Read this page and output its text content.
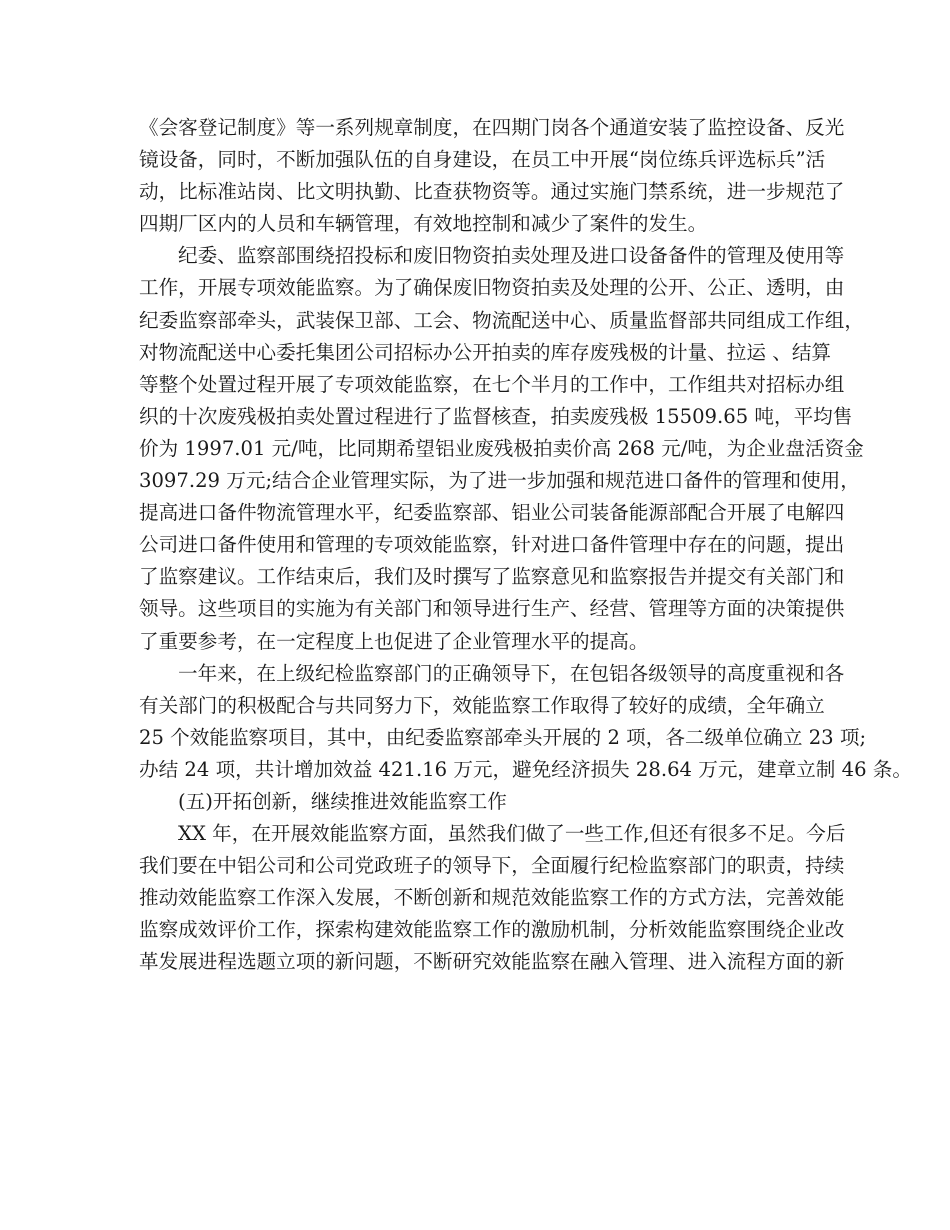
《会客登记制度》等一系列规章制度，在四期门岗各个通道安装了监控设备、反光
镜设备，同时，不断加强队伍的自身建设，在员工中开展“岗位练兵评选标兵”活
动，比标准站岗、比文明执勤、比查获物资等。通过实施门禁系统，进一步规范了
四期厂区内的人员和车辆管理，有效地控制和减少了案件的发生。
纪委、监察部围绕招投标和废旧物资拍卖处理及进口设备备件的管理及使用等
工作，开展专项效能监察。为了确保废旧物资拍卖及处理的公开、公正、透明，由
纪委监察部牵头，武装保卫部、工会、物流配送中心、质量监督部共同组成工作组，
对物流配送中心委托集团公司招标办公开拍卖的库存废残极的计量、拉运 、结算
等整个处置过程开展了专项效能监察，在七个半月的工作中，工作组共对招标办组
织的十次废残极拍卖处置过程进行了监督核查，拍卖废残极 15509.65 吨，平均售
价为 1997.01 元/吨，比同期希望铝业废残极拍卖价高 268 元/吨，为企业盘活资金
3097.29 万元;结合企业管理实际，为了进一步加强和规范进口备件的管理和使用，
提高进口备件物流管理水平，纪委监察部、铝业公司装备能源部配合开展了电解四
公司进口备件使用和管理的专项效能监察，针对进口备件管理中存在的问题，提出
了监察建议。工作结束后，我们及时撰写了监察意见和监察报告并提交有关部门和
领导。这些项目的实施为有关部门和领导进行生产、经营、管理等方面的决策提供
了重要参考，在一定程度上也促进了企业管理水平的提高。
一年来，在上级纪检监察部门的正确领导下，在包铝各级领导的高度重视和各
有关部门的积极配合与共同努力下，效能监察工作取得了较好的成绩，全年确立
25 个效能监察项目，其中，由纪委监察部牵头开展的 2 项，各二级单位确立 23 项;
办结 24 项，共计增加效益 421.16 万元，避免经济损失 28.64 万元，建章立制 46 条。
(五)开拓创新，继续推进效能监察工作
XX 年，在开展效能监察方面，虽然我们做了一些工作,但还有很多不足。今后
我们要在中铝公司和公司党政班子的领导下，全面履行纪检监察部门的职责，持续
推动效能监察工作深入发展，不断创新和规范效能监察工作的方式方法，完善效能
监察成效评价工作，探索构建效能监察工作的激励机制，分析效能监察围绕企业改
革发展进程选题立项的新问题，不断研究效能监察在融入管理、进入流程方面的新
